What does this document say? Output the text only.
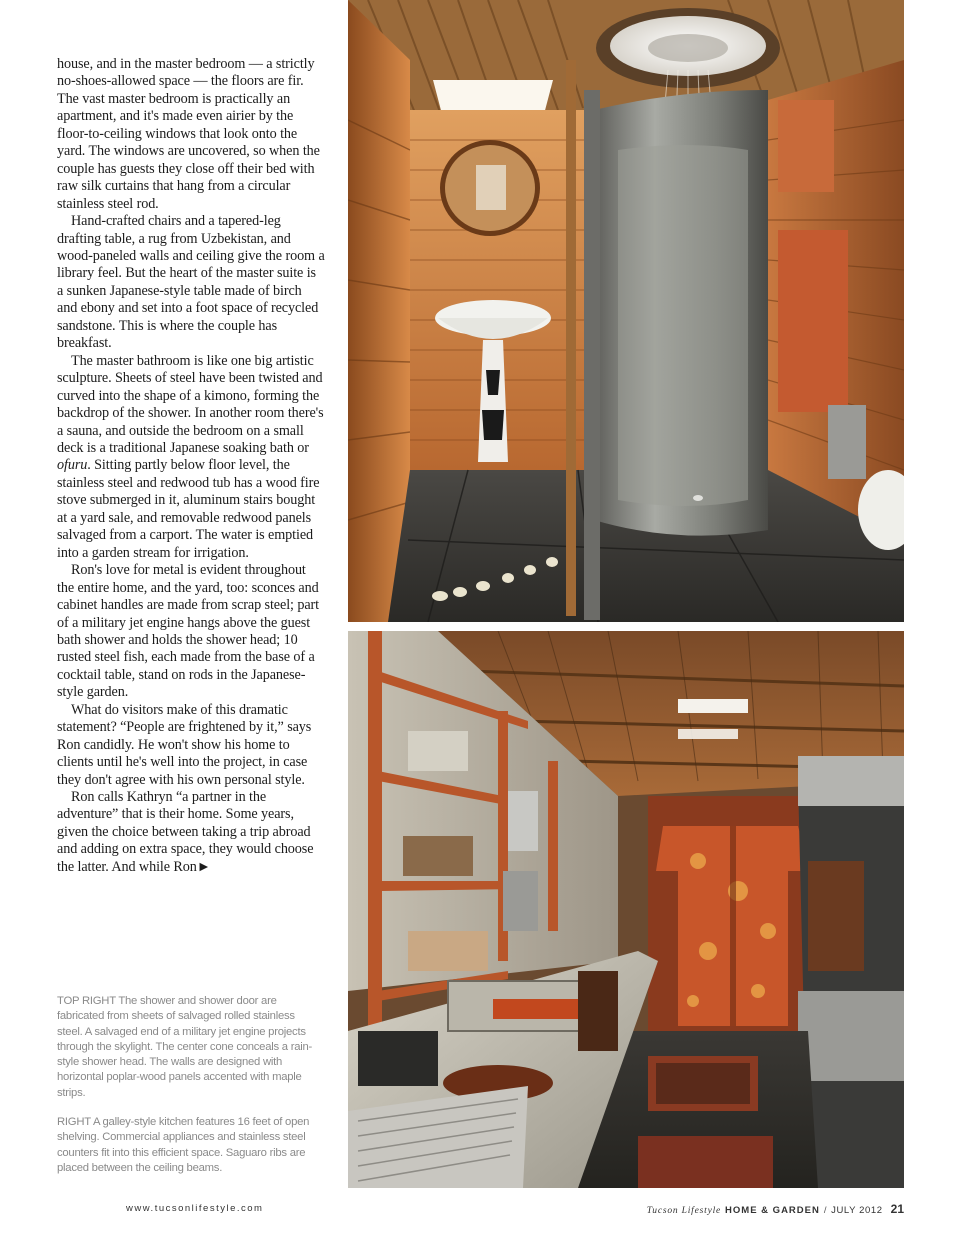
house, and in the master bedroom — a strictly no-shoes-allowed space — the floors are fir. The vast master bedroom is practically an apartment, and it's made even airier by the floor-to-ceiling windows that look onto the yard. The windows are uncovered, so when the couple has guests they close off their bed with raw silk curtains that hang from a circular stainless steel rod.

Hand-crafted chairs and a tapered-leg drafting table, a rug from Uzbekistan, and wood-paneled walls and ceiling give the room a library feel. But the heart of the master suite is a sunken Japanese-style table made of birch and ebony and set into a foot space of recycled sandstone. This is where the couple has breakfast.

The master bathroom is like one big artistic sculpture. Sheets of steel have been twisted and curved into the shape of a kimono, forming the backdrop of the shower. In another room there's a sauna, and outside the bedroom on a small deck is a traditional Japanese soaking bath or ofuru. Sitting partly below floor level, the stainless steel and redwood tub has a wood fire stove submerged in it, aluminum stairs bought at a yard sale, and removable redwood panels salvaged from a carport. The water is emptied into a garden stream for irrigation.

Ron's love for metal is evident throughout the entire home, and the yard, too: sconces and cabinet handles are made from scrap steel; part of a military jet engine hangs above the guest bath shower and holds the shower head; 10 rusted steel fish, each made from the base of a cocktail table, stand on rods in the Japanese-style garden.

What do visitors make of this dramatic statement? “People are frightened by it,” says Ron candidly. He won't show his home to clients until he's well into the project, in case they don't agree with his own personal style.

Ron calls Kathryn “a partner in the adventure” that is their home. Some years, given the choice between taking a trip abroad and adding on extra space, they would choose the latter. And while Ron►

TOP RIGHT The shower and shower door are fabricated from sheets of salvaged rolled stainless steel. A salvaged end of a military jet engine projects through the skylight. The center cone conceals a rain-style shower head. The walls are designed with horizontal poplar-wood panels accented with maple strips.

RIGHT A galley-style kitchen features 16 feet of open shelving. Commercial appliances and stainless steel counters fit into this efficient space. Saguaro ribs are placed between the ceiling beams.

www.tucsonlifestyle.com	Tucson Lifestyle HOME & GARDEN / JULY 2012 21
